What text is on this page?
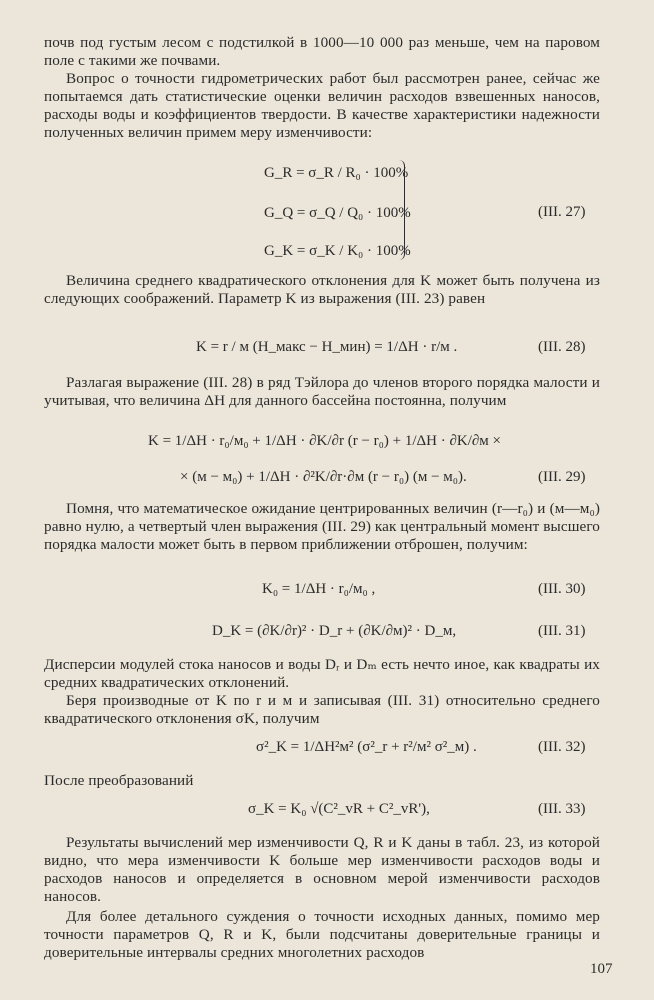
почв под густым лесом с подстилкой в 1000—10 000 раз меньше, чем на паровом поле с такими же почвами.

Вопрос о точности гидрометрических работ был рассмотрен ранее, сейчас же попытаемся дать статистические оценки величин расходов взвешенных наносов, расходы воды и коэффициентов твердости. В качестве характеристики надежности полученных величин примем меру изменчивости:

G_R = σ_R / R₀ · 100%
G_Q = σ_Q / Q₀ · 100%
G_K = σ_K / K₀ · 100%
(III. 27)

Величина среднего квадратического отклонения для K может быть получена из следующих соображений. Параметр K из выражения (III. 23) равен

K = r / м (H_макс − H_мин) = 1/ΔH · r/м .	(III. 28)

Разлагая выражение (III. 28) в ряд Тэйлора до членов второго порядка малости и учитывая, что величина ΔH для данного бассейна постоянна, получим

K = 1/ΔH · r₀/м₀ + 1/ΔH · ∂K/∂r (r − r₀) + 1/ΔH · ∂K/∂м ×
× (м − м₀) + 1/ΔH · ∂²K/∂r·∂м (r − r₀) (м − м₀).	(III. 29)

Помня, что математическое ожидание центрированных величин (r—r₀) и (м—м₀) равно нулю, а четвертый член выражения (III. 29) как центральный момент высшего порядка малости может быть в первом приближении отброшен, получим:

K₀ = 1/ΔH · r₀/м₀ ,	(III. 30)
D_K = (∂K/∂r)² · D_r + (∂K/∂м)² · D_м,	(III. 31)

Дисперсии модулей стока наносов и воды Dᵣ и Dₘ есть нечто иное, как квадраты их средних квадратических отклонений.

Беря производные от K по r и м и записывая (III. 31) относительно среднего квадратического отклонения σK, получим

σ²_K = 1/ΔH²м² (σ²_r + r²/м² σ²_м) .	(III. 32)

После преобразований

σ_K = K₀ √(C²_vR + C²_vR'),	(III. 33)

Результаты вычислений мер изменчивости Q, R и K даны в табл. 23, из которой видно, что мера изменчивости K больше мер изменчивости расходов воды и расходов наносов и определяется в основном мерой изменчивости расходов наносов.

Для более детального суждения о точности исходных данных, помимо мер точности параметров Q, R и K, были подсчитаны доверительные границы и доверительные интервалы средних многолетних расходов

107
